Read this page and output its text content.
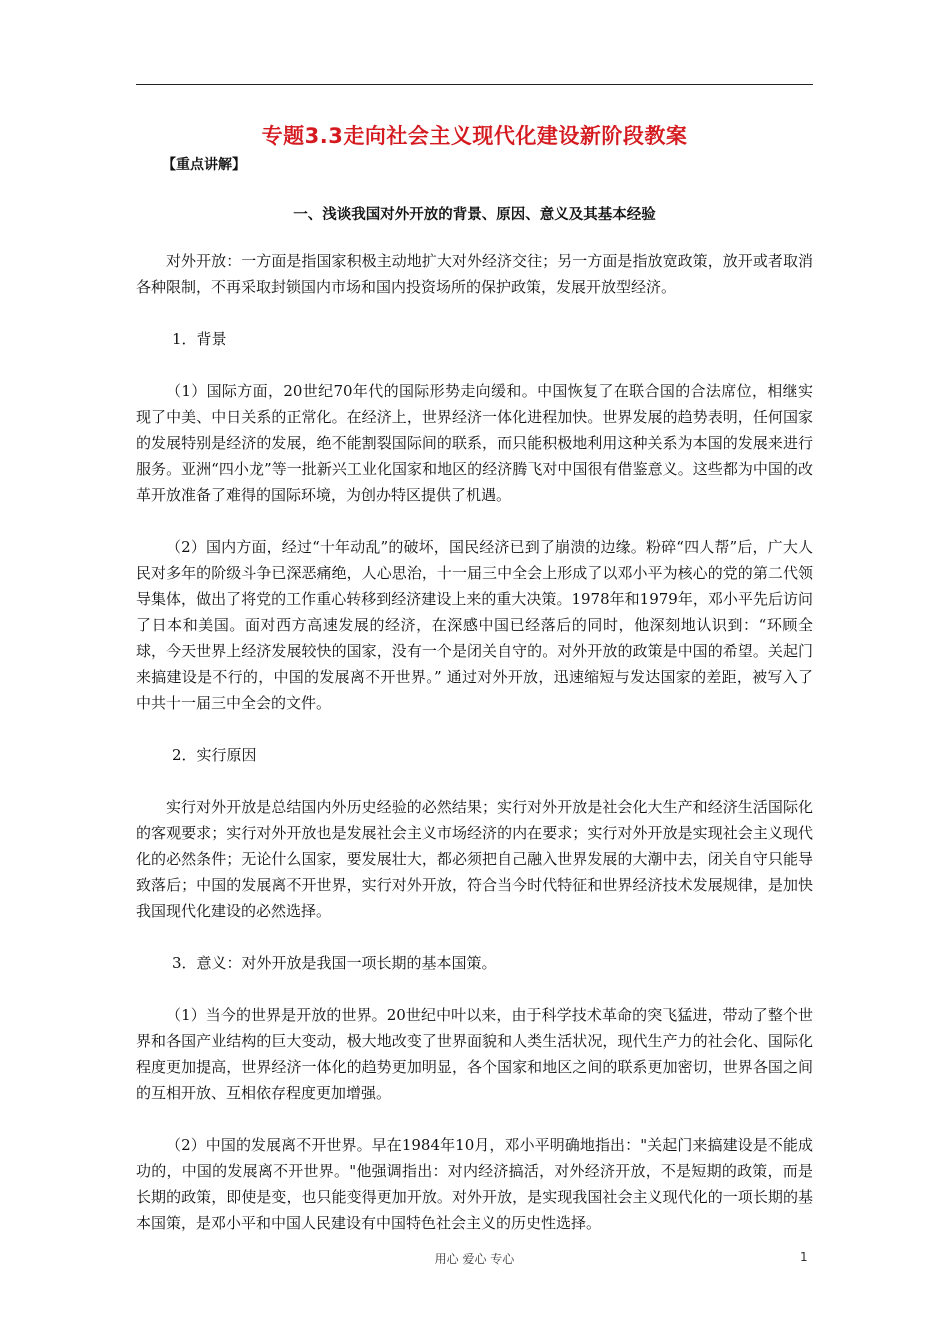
专题3.3走向社会主义现代化建设新阶段教案
【重点讲解】
一、浅谈我国对外开放的背景、原因、意义及其基本经验

对外开放：一方面是指国家积极主动地扩大对外经济交往；另一方面是指放宽政策，放开或者取消各种限制，不再采取封锁国内市场和国内投资场所的保护政策，发展开放型经济。

1．背景

（1）国际方面，20世纪70年代的国际形势走向缓和。中国恢复了在联合国的合法席位，相继实现了中美、中日关系的正常化。在经济上，世界经济一体化进程加快。世界发展的趋势表明，任何国家的发展特别是经济的发展，绝不能割裂国际间的联系，而只能积极地利用这种关系为本国的发展来进行服务。亚洲“四小龙”等一批新兴工业化国家和地区的经济腾飞对中国很有借鉴意义。这些都为中国的改革开放准备了难得的国际环境，为创办特区提供了机遇。

（2）国内方面，经过“十年动乱”的破坏，国民经济已到了崩溃的边缘。粉碎“四人帮”后，广大人民对多年的阶级斗争已深恶痛绝，人心思治，十一届三中全会上形成了以邓小平为核心的党的第二代领导集体，做出了将党的工作重心转移到经济建设上来的重大决策。1978年和1979年，邓小平先后访问了日本和美国。面对西方高速发展的经济，在深感中国已经落后的同时，他深刻地认识到：“环顾全球，今天世界上经济发展较快的国家，没有一个是闭关自守的。对外开放的政策是中国的希望。关起门来搞建设是不行的，中国的发展离不开世界。” 通过对外开放，迅速缩短与发达国家的差距，被写入了中共十一届三中全会的文件。

2．实行原因

实行对外开放是总结国内外历史经验的必然结果；实行对外开放是社会化大生产和经济生活国际化的客观要求；实行对外开放也是发展社会主义市场经济的内在要求；实行对外开放是实现社会主义现代化的必然条件；无论什么国家，要发展壮大，都必须把自己融入世界发展的大潮中去，闭关自守只能导致落后；中国的发展离不开世界，实行对外开放，符合当今时代特征和世界经济技术发展规律，是加快我国现代化建设的必然选择。

3．意义：对外开放是我国一项长期的基本国策。

（1）当今的世界是开放的世界。20世纪中叶以来，由于科学技术革命的突飞猛进，带动了整个世界和各国产业结构的巨大变动，极大地改变了世界面貌和人类生活状况，现代生产力的社会化、国际化程度更加提高，世界经济一体化的趋势更加明显，各个国家和地区之间的联系更加密切，世界各国之间的互相开放、互相依存程度更加增强。

（2）中国的发展离不开世界。早在1984年10月，邓小平明确地指出："关起门来搞建设是不能成功的，中国的发展离不开世界。"他强调指出：对内经济搞活，对外经济开放，不是短期的政策，而是长期的政策，即使是变，也只能变得更加开放。对外开放，是实现我国社会主义现代化的一项长期的基本国策，是邓小平和中国人民建设有中国特色社会主义的历史性选择。

用心 爱心 专心	1
